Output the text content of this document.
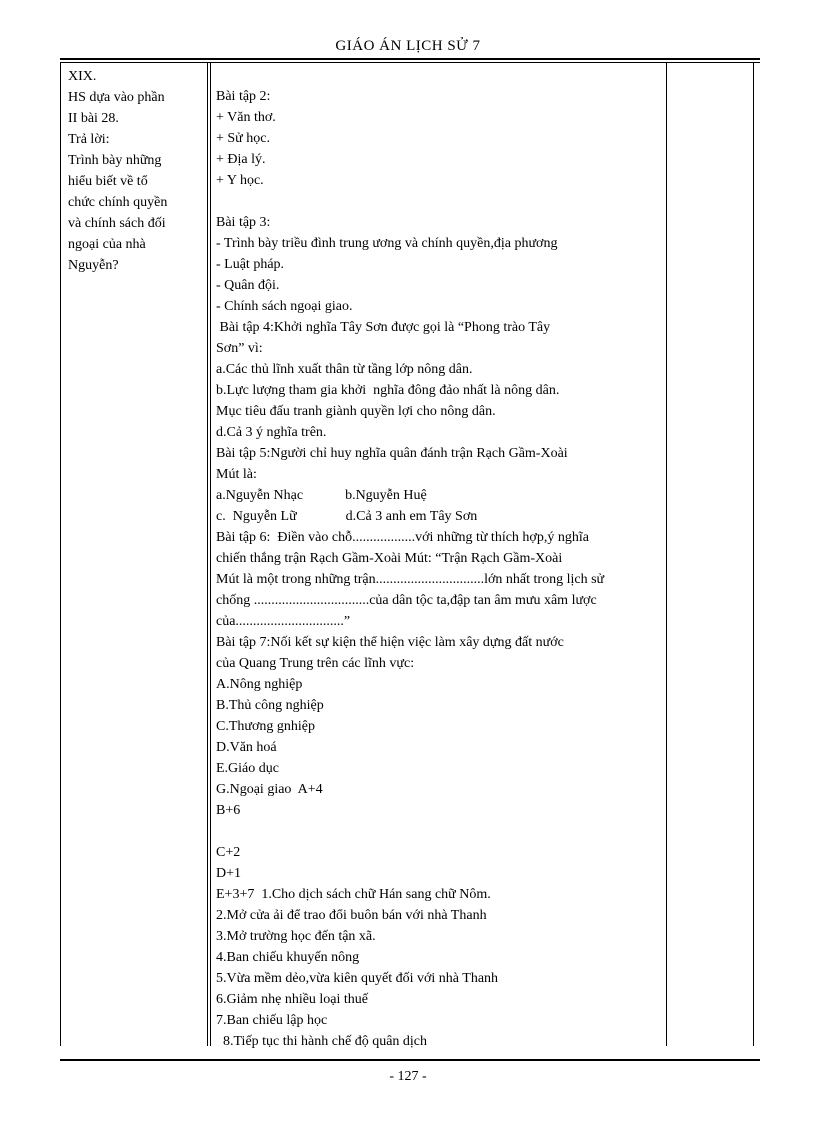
GIÁO ÁN LỊCH SỬ 7
XIX.
HS dựa vào phần
II bài 28.
Trả lời:
Trình bày những
hiểu biết về tổ
chức chính quyền
và chính sách đối
ngoại của nhà
Nguyễn?
Bài tập 2:
+ Văn thơ.
+ Sử học.
+ Địa lý.
+ Y học.
Bài tập 3:
- Trình bày triều đình trung ương và chính quyền,địa phương
- Luật pháp.
- Quân đội.
- Chính sách ngoại giao.
Bài tập 4:Khởi nghĩa Tây Sơn được gọi là “Phong trào Tây
Sơn” vì:
a.Các thủ lĩnh xuất thân từ tầng lớp nông dân.
b.Lực lượng tham gia khởi  nghĩa đông đảo nhất là nông dân.
Mục tiêu đấu tranh giành quyền lợi cho nông dân.
d.Cả 3 ý nghĩa trên.
Bài tập 5:Người chỉ huy nghĩa quân đánh trận Rạch Gầm-Xoài
Mút là:
a.Nguyễn Nhạc            b.Nguyễn Huệ
c.  Nguyễn Lữ              d.Cả 3 anh em Tây Sơn
Bài tập 6:  Điền vào chỗ..................với những từ thích hợp,ý nghĩa
chiến thắng trận Rạch Gầm-Xoài Mút: “Trận Rạch Gầm-Xoài
Mút là một trong những trận...............................lớn nhất trong lịch sử
chống .................................của dân tộc ta,đập tan âm mưu xâm lược
của...............................”
Bài tập 7:Nối kết sự kiện thể hiện việc làm xây dựng đất nước
của Quang Trung trên các lĩnh vực:
A.Nông nghiệp
B.Thủ công nghiệp
C.Thương gnhiệp
D.Văn hoá
E.Giáo dục
G.Ngoại giao  A+4
B+6
C+2
D+1
E+3+7  1.Cho dịch sách chữ Hán sang chữ Nôm.
2.Mở cửa ải để trao đổi buôn bán với nhà Thanh
3.Mở trường học đến tận xã.
4.Ban chiếu khuyến nông
5.Vừa mềm dẻo,vừa kiên quyết đối với nhà Thanh
6.Giảm nhẹ nhiều loại thuế
7.Ban chiếu lập học
8.Tiếp tục thi hành chế độ quân dịch
- 127 -
